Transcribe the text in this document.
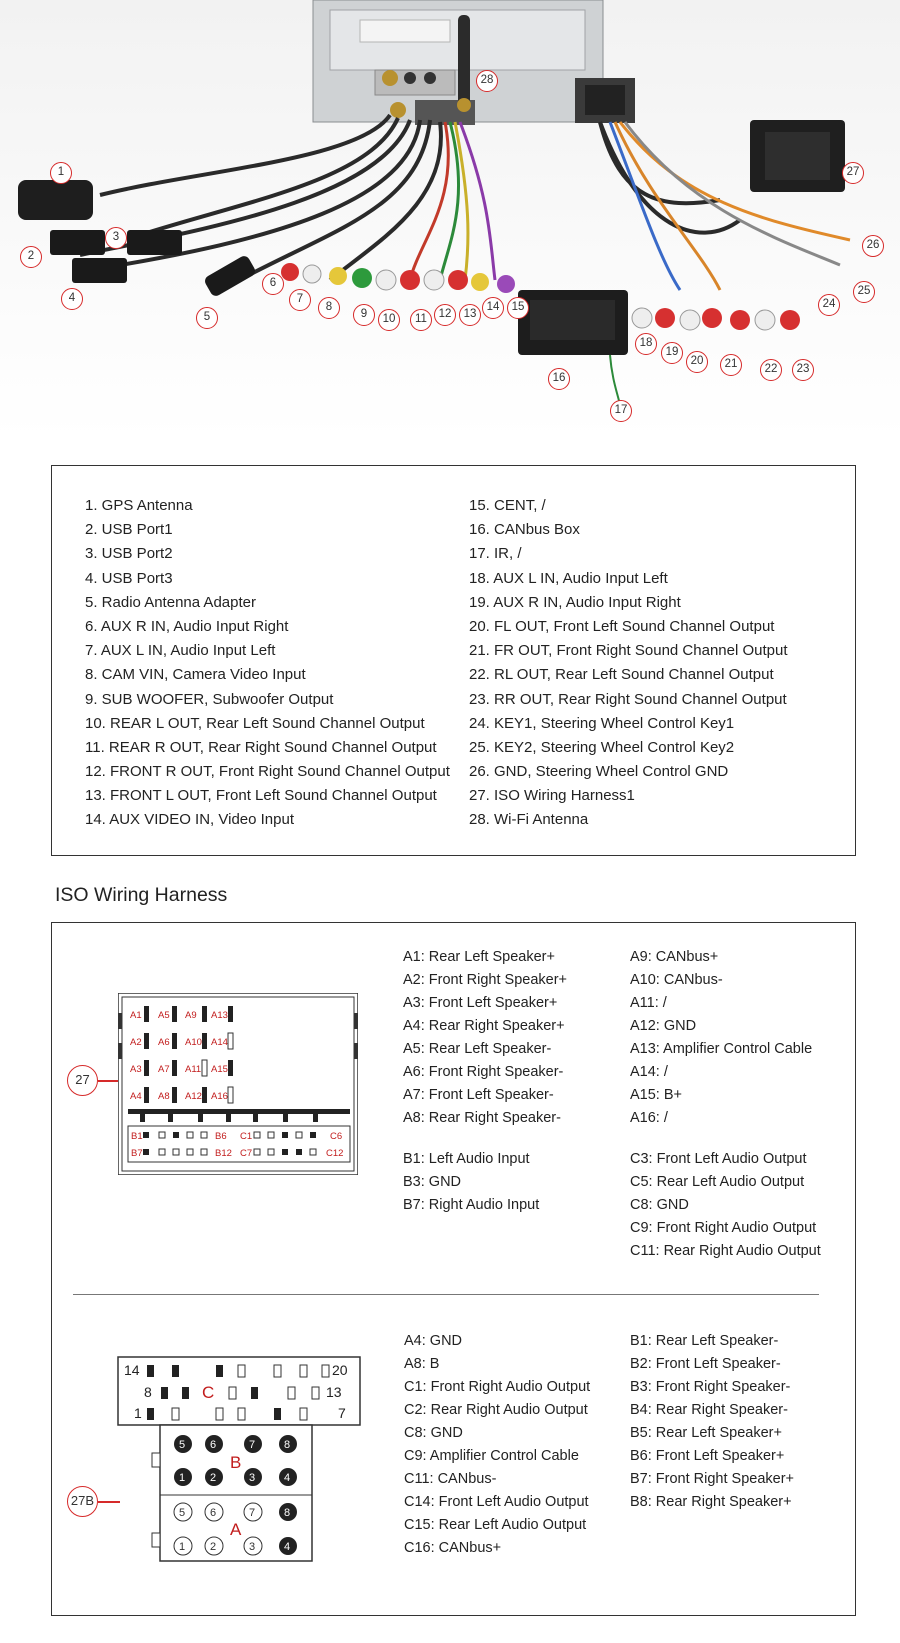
1
2
3
4
5
6
7
8
9	10	11	12	13
14	15
16
17
18
19
20	21	22	23
24
25
26
27
28
1. GPS Antenna
2. USB Port1
3. USB Port2
4. USB Port3
5. Radio Antenna Adapter
6. AUX R IN, Audio Input Right
7. AUX L IN, Audio Input Left
8. CAM VIN, Camera Video Input
9. SUB WOOFER, Subwoofer Output
10. REAR L OUT, Rear Left Sound Channel Output
11. REAR R OUT, Rear Right Sound Channel Output
12. FRONT R OUT, Front Right Sound Channel Output
13. FRONT L OUT, Front Left Sound Channel Output
14. AUX VIDEO IN, Video Input
15. CENT, /
16. CANbus Box
17. IR, /
18. AUX L IN, Audio Input Left
19. AUX R IN, Audio Input Right
20. FL OUT, Front Left Sound Channel Output
21. FR OUT, Front Right Sound Channel Output
22. RL OUT, Rear Left Sound Channel Output
23. RR OUT, Rear Right Sound Channel Output
24. KEY1, Steering Wheel Control Key1
25. KEY2, Steering Wheel Control Key2
26. GND, Steering Wheel Control GND
27. ISO Wiring Harness1
28. Wi-Fi Antenna
ISO Wiring Harness
27
A1
A2
A3
A4
A5
A6
A7
A8
A9
A10
A11
A12
A13
A14
A15
A16
B1
B7
B6
B12
C1
C7
C6
C12
A1: Rear Left Speaker+
A2: Front Right Speaker+
A3: Front Left Speaker+
A4: Rear Right Speaker+
A5: Rear Left Speaker-
A6: Front Right Speaker-
A7: Front Left Speaker-
A8: Rear Right Speaker-
A9: CANbus+
A10: CANbus-
A11: /
A12: GND
A13: Amplifier Control Cable
A14: /
A15: B+
A16: /
B1: Left Audio Input
B3: GND
B7: Right Audio Input
C3: Front Left Audio Output
C5: Rear Left Audio Output
C8: GND
C9: Front Right Audio Output
C11: Rear Right Audio Output
27B
14	20
8	13
1	7
C
B
A
5 6	7	8
1 2	3	4
5 6	7	8
1 2	3	4
A4: GND
A8: B
C1: Front Right Audio Output
C2: Rear Right Audio Output
C8: GND
C9: Amplifier Control Cable
C11: CANbus-
C14: Front Left Audio Output
C15: Rear Left Audio Output
C16: CANbus+
B1: Rear Left Speaker-
B2: Front Left Speaker-
B3: Front Right Speaker-
B4: Rear Right Speaker-
B5: Rear Left Speaker+
B6: Front Left Speaker+
B7: Front Right Speaker+
B8: Rear Right Speaker+
